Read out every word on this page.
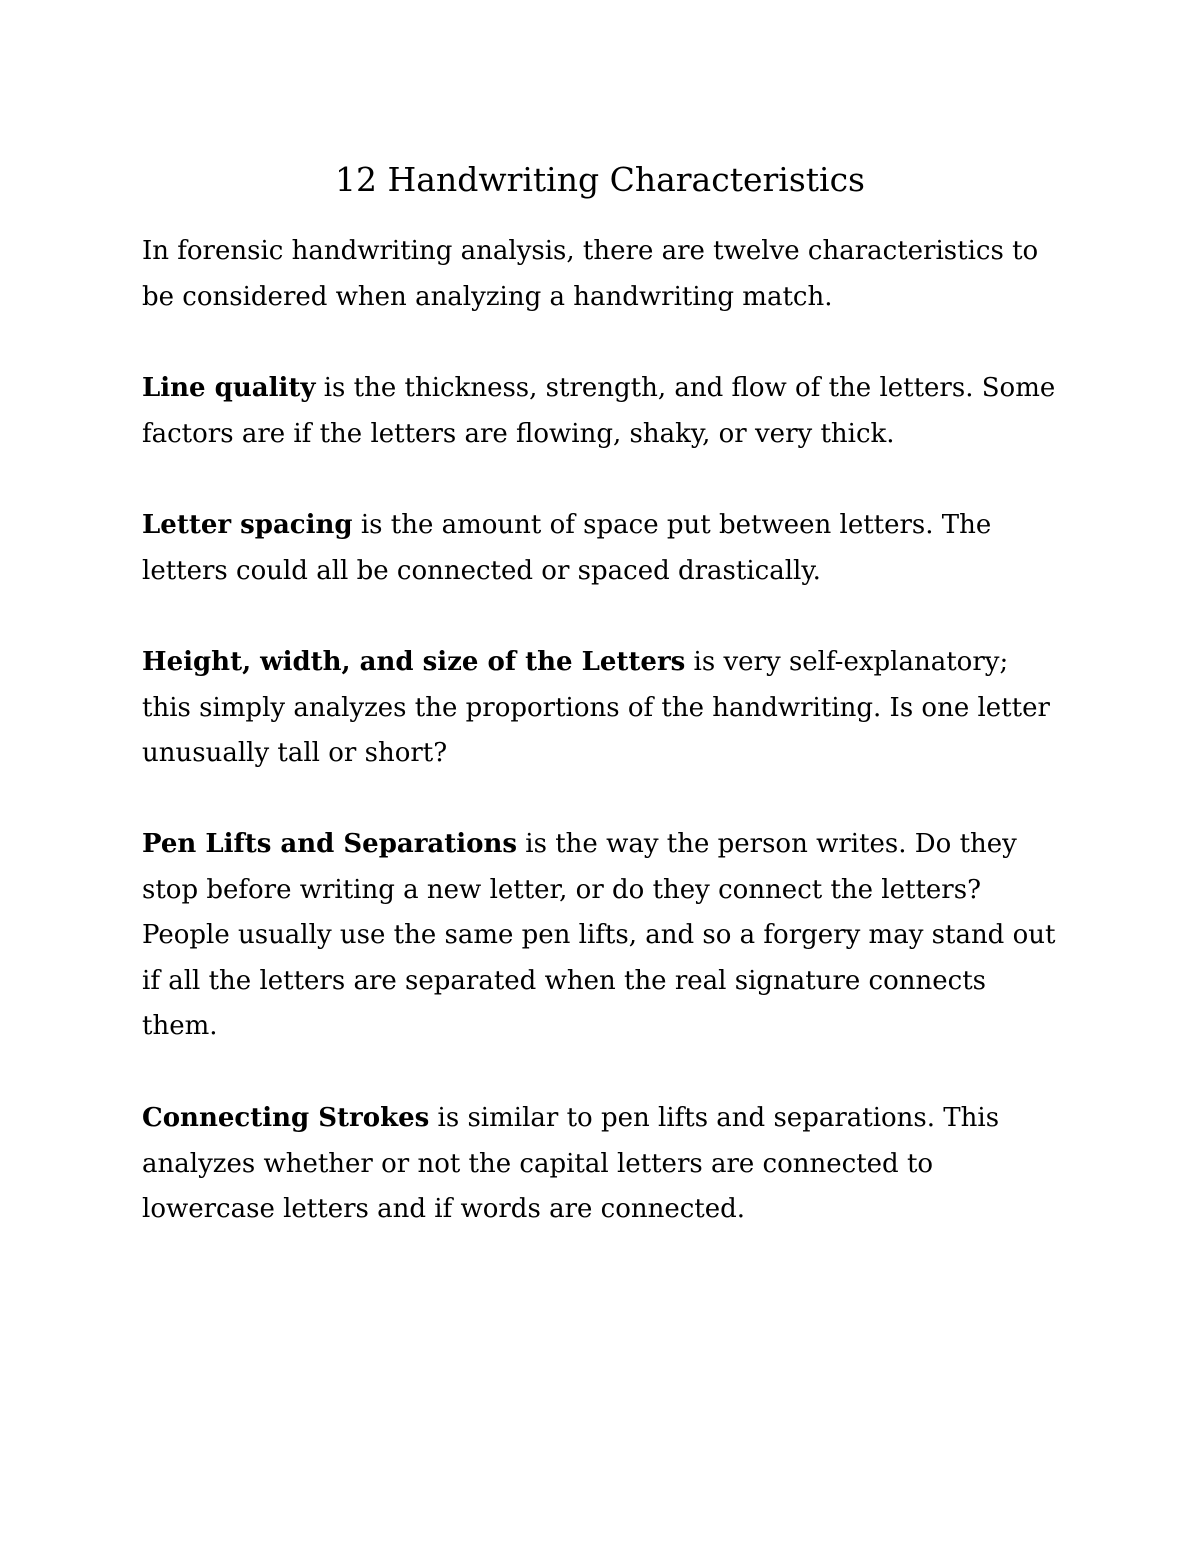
12 Handwriting Characteristics

In forensic handwriting analysis, there are twelve characteristics to be considered when analyzing a handwriting match.

Line quality is the thickness, strength, and flow of the letters. Some factors are if the letters are flowing, shaky, or very thick.

Letter spacing is the amount of space put between letters. The letters could all be connected or spaced drastically.

Height, width, and size of the Letters is very self-explanatory; this simply analyzes the proportions of the handwriting. Is one letter unusually tall or short?

Pen Lifts and Separations is the way the person writes. Do they stop before writing a new letter, or do they connect the letters? People usually use the same pen lifts, and so a forgery may stand out if all the letters are separated when the real signature connects them.

Connecting Strokes is similar to pen lifts and separations. This analyzes whether or not the capital letters are connected to lowercase letters and if words are connected.
